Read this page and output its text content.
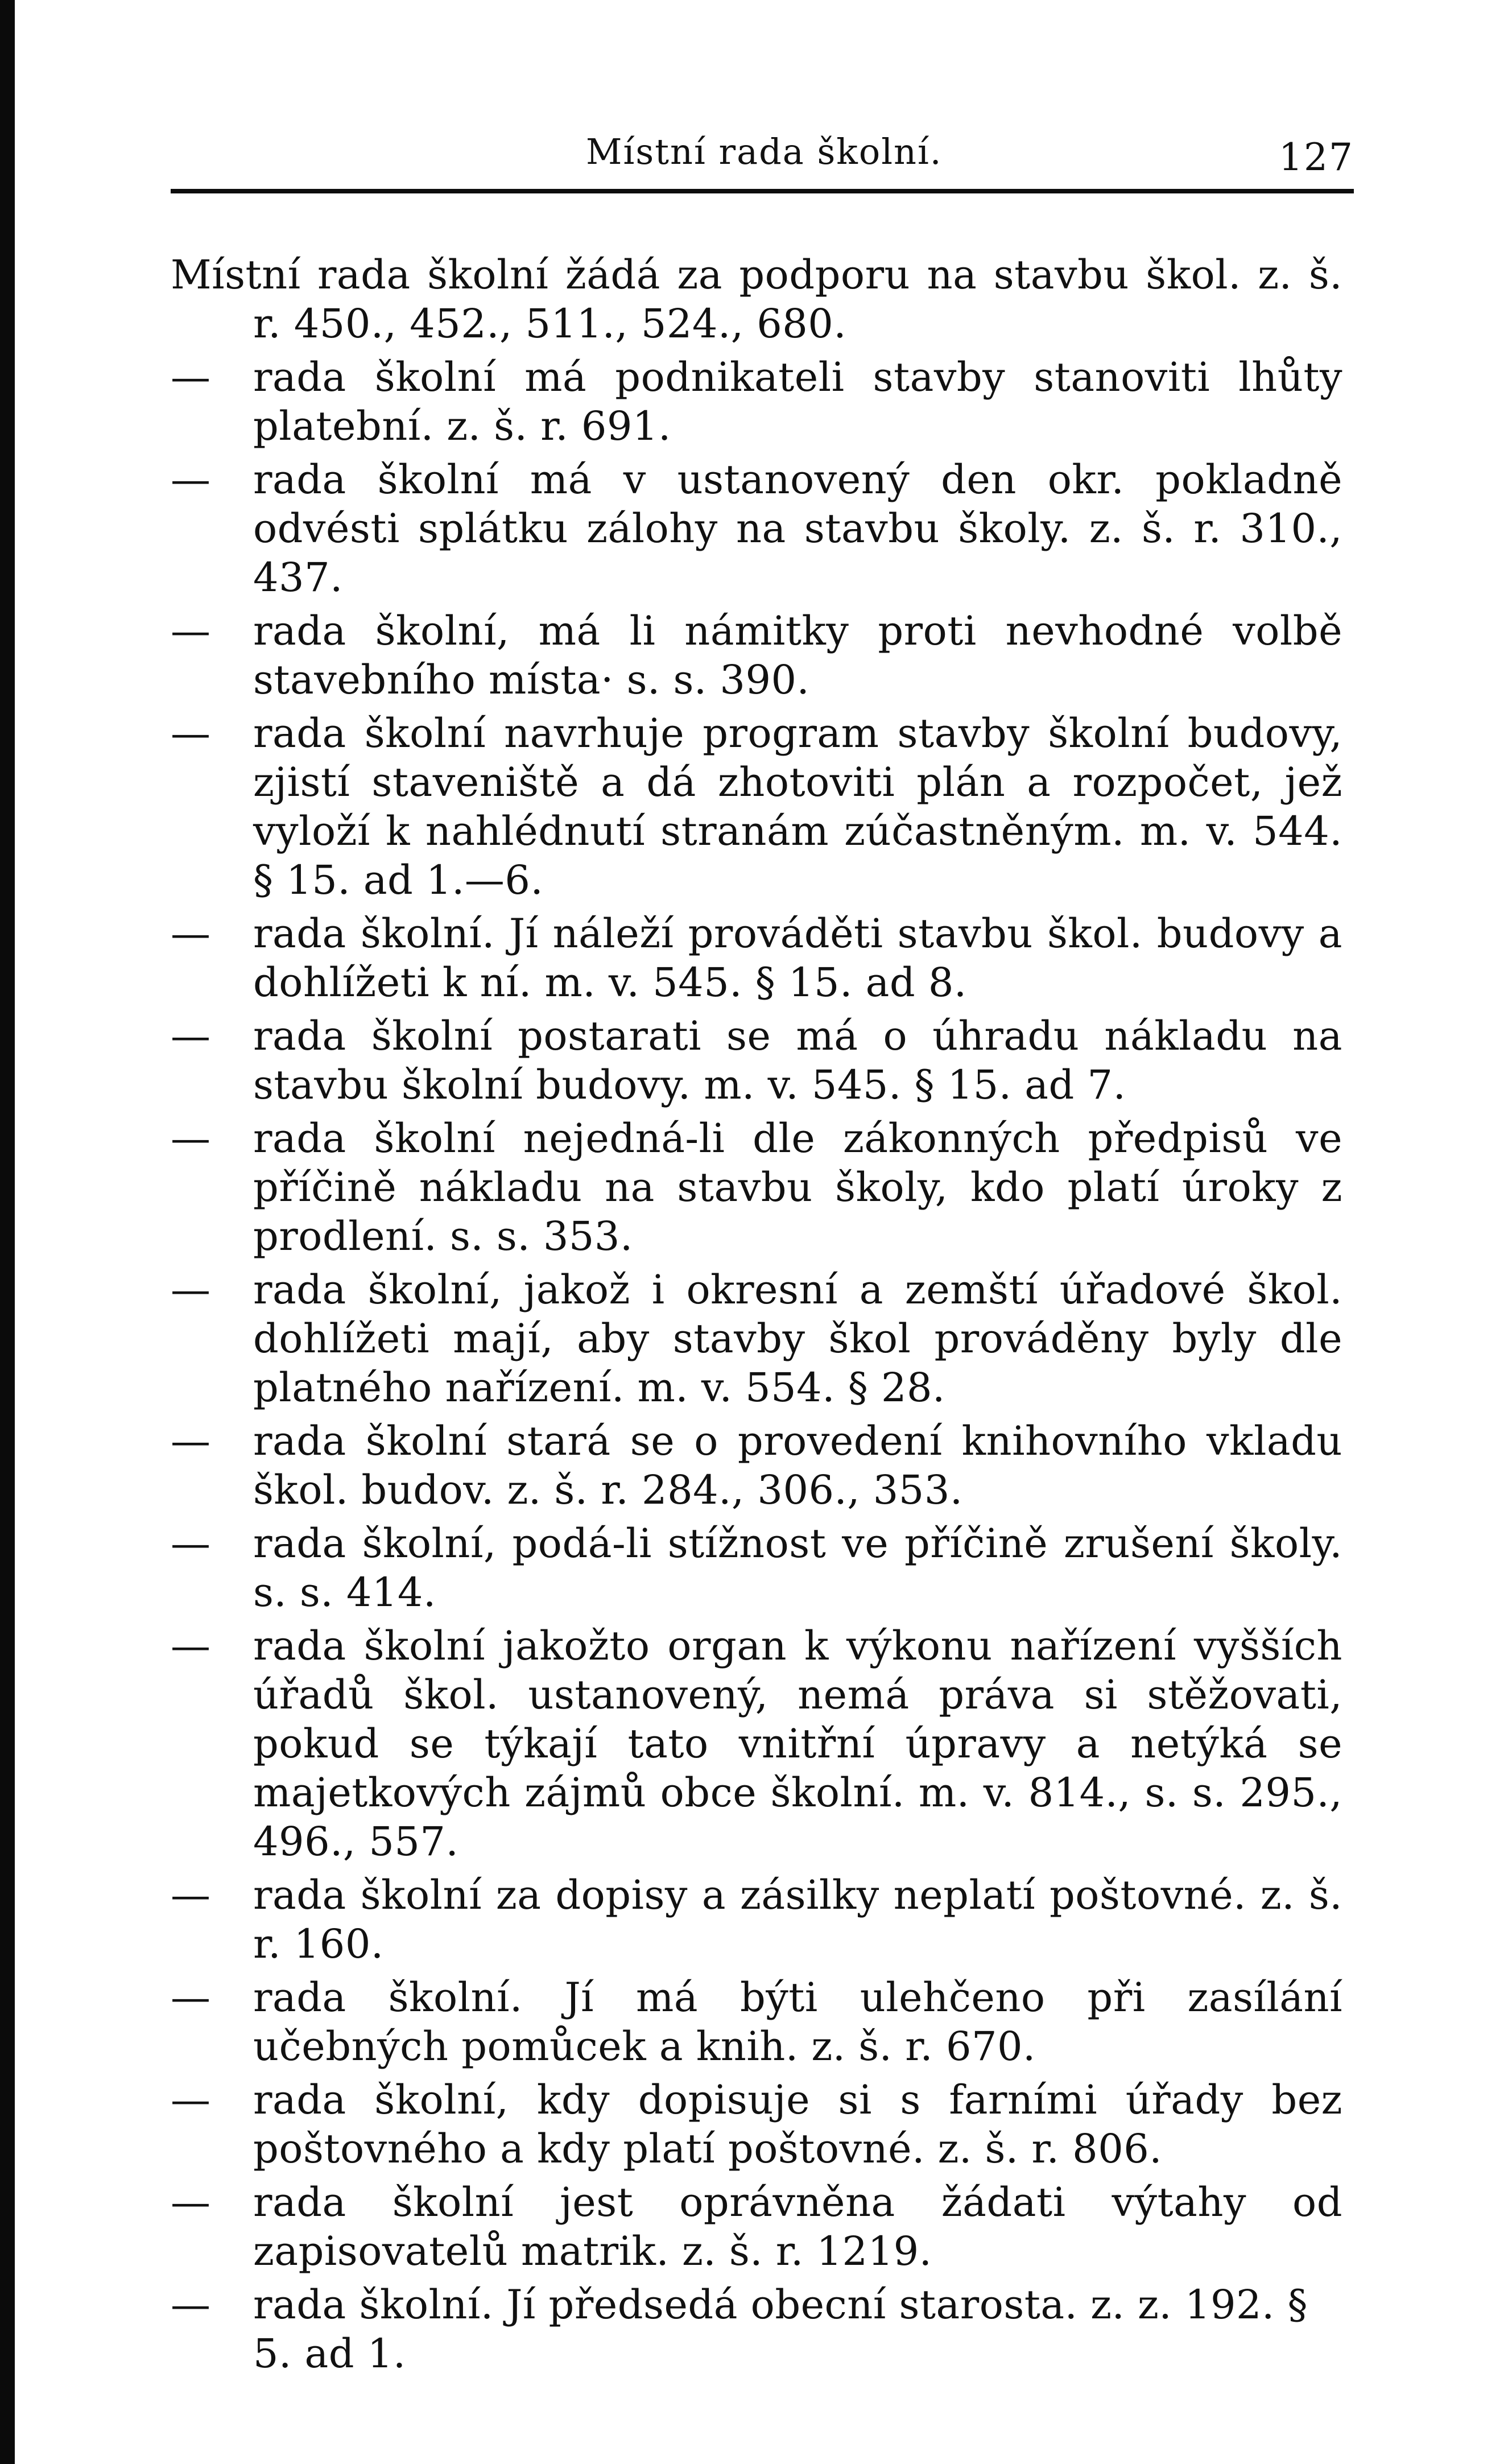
Místní rada školní.	127
Místní rada školní žádá za podporu na stavbu škol. z. š. r. 450., 452., 511., 524., 680.
—	rada školní má podnikateli stavby stanoviti lhůty platební. z. š. r. 691.
—	rada školní má v ustanovený den okr. pokladně odvésti splátku zálohy na stavbu školy. z. š. r. 310., 437.
—	rada školní, má li námitky proti nevhodné volbě stavebního místa· s. s. 390.
—	rada školní navrhuje program stavby školní budovy, zjistí staveniště a dá zhotoviti plán a rozpočet, jež vyloží k nahlédnutí stranám zúčastněným. m. v. 544. § 15. ad 1.—6.
—	rada školní. Jí náleží prováděti stavbu škol. budovy a dohlížeti k ní. m. v. 545. § 15. ad 8.
—	rada školní postarati se má o úhradu nákladu na stavbu školní budovy. m. v. 545. § 15. ad 7.
—	rada školní nejedná-li dle zákonných předpisů ve příčině nákladu na stavbu školy, kdo platí úroky z prodlení. s. s. 353.
—	rada školní, jakož i okresní a zemští úřadové škol. dohlížeti mají, aby stavby škol prováděny byly dle platného nařízení. m. v. 554. § 28.
—	rada školní stará se o provedení knihovního vkladu škol. budov. z. š. r. 284., 306., 353.
—	rada školní, podá-li stížnost ve příčině zrušení školy. s. s. 414.
—	rada školní jakožto organ k výkonu nařízení vyšších úřadů škol. ustanovený, nemá práva si stěžovati, pokud se týkají tato vnitřní úpravy a netýká se majetkových zájmů obce školní. m. v. 814., s. s. 295., 496., 557.
—	rada školní za dopisy a zásilky neplatí poštovné. z. š. r. 160.
—	rada školní. Jí má býti ulehčeno při zasílání učebných pomůcek a knih. z. š. r. 670.
—	rada školní, kdy dopisuje si s farními úřady bez poštovného a kdy platí poštovné. z. š. r. 806.
—	rada školní jest oprávněna žádati výtahy od zapisovatelů matrik. z. š. r. 1219.
—	rada školní. Jí předsedá obecní starosta. z. z. 192. § 5. ad 1.
